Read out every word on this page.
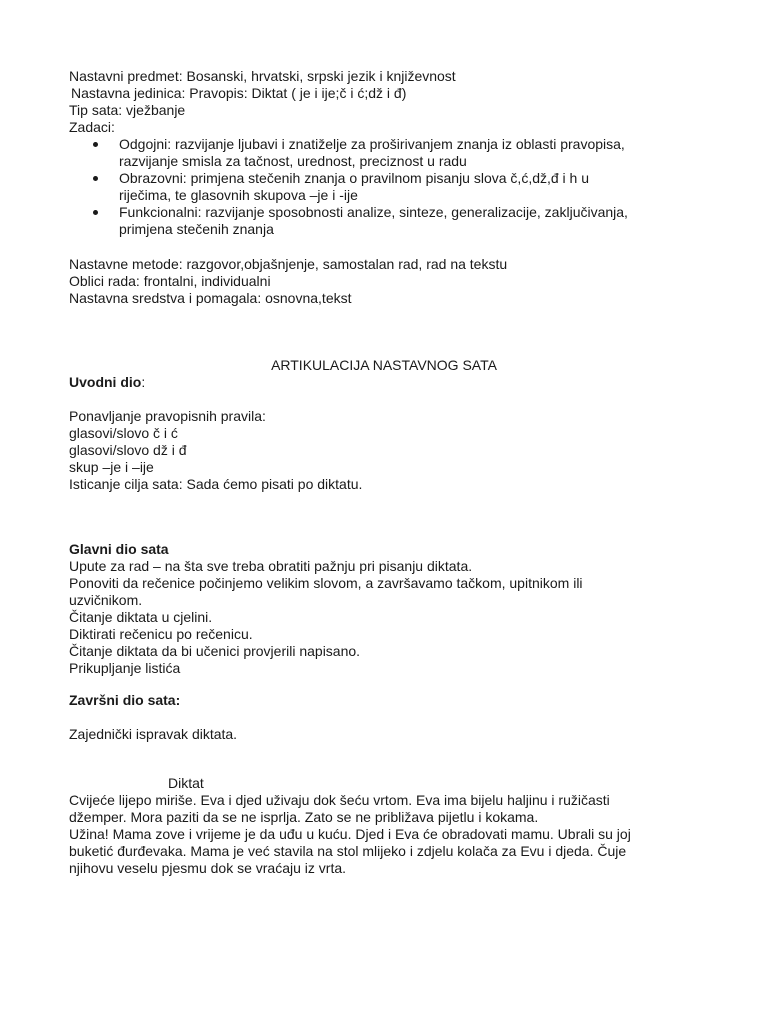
Nastavni predmet: Bosanski, hrvatski, srpski jezik i književnost
Nastavna jedinica: Pravopis: Diktat ( je i ije;č i ć;dž i đ)
Tip sata: vježbanje
Zadaci:
Odgojni: razvijanje ljubavi i znatiželje za proširivanjem znanja iz oblasti pravopisa,
razvijanje smisla za tačnost, urednost, preciznost u radu
Obrazovni: primjena stečenih znanja o pravilnom pisanju slova č,ć,dž,đ i h u
riječima, te glasovnih skupova –je i -ije
Funkcionalni: razvijanje sposobnosti analize, sinteze, generalizacije, zaključivanja,
primjena stečenih znanja
Nastavne metode: razgovor,objašnjenje, samostalan rad, rad na tekstu
Oblici rada: frontalni, individualni
Nastavna sredstva i pomagala: osnovna,tekst
ARTIKULACIJA NASTAVNOG SATA
Uvodni dio:
Ponavljanje pravopisnih pravila:
glasovi/slovo č i ć
glasovi/slovo dž i đ
skup –je i –ije
Isticanje cilja sata: Sada ćemo pisati po diktatu.
Glavni dio sata
Upute za rad – na šta sve treba obratiti pažnju pri pisanju diktata.
Ponoviti da rečenice počinjemo velikim slovom, a završavamo tačkom, upitnikom ili
uzvičnikom.
Čitanje diktata u cjelini.
Diktirati rečenicu po rečenicu.
Čitanje diktata da bi učenici provjerili napisano.
Prikupljanje listića
Završni dio sata:
Zajednički ispravak diktata.
Diktat
Cvijeće lijepo miriše. Eva i djed uživaju dok šeću vrtom. Eva ima bijelu haljinu i ružičasti
džemper. Mora paziti da se ne isprlja. Zato se ne približava pijetlu i kokama.
Užina! Mama zove i vrijeme je da uđu u kuću. Djed i Eva će obradovati mamu. Ubrali su joj
buketić đurđevaka. Mama je već stavila na stol mlijeko i zdjelu kolača za Evu i djeda. Čuje
njihovu veselu pjesmu dok se vraćaju iz vrta.
